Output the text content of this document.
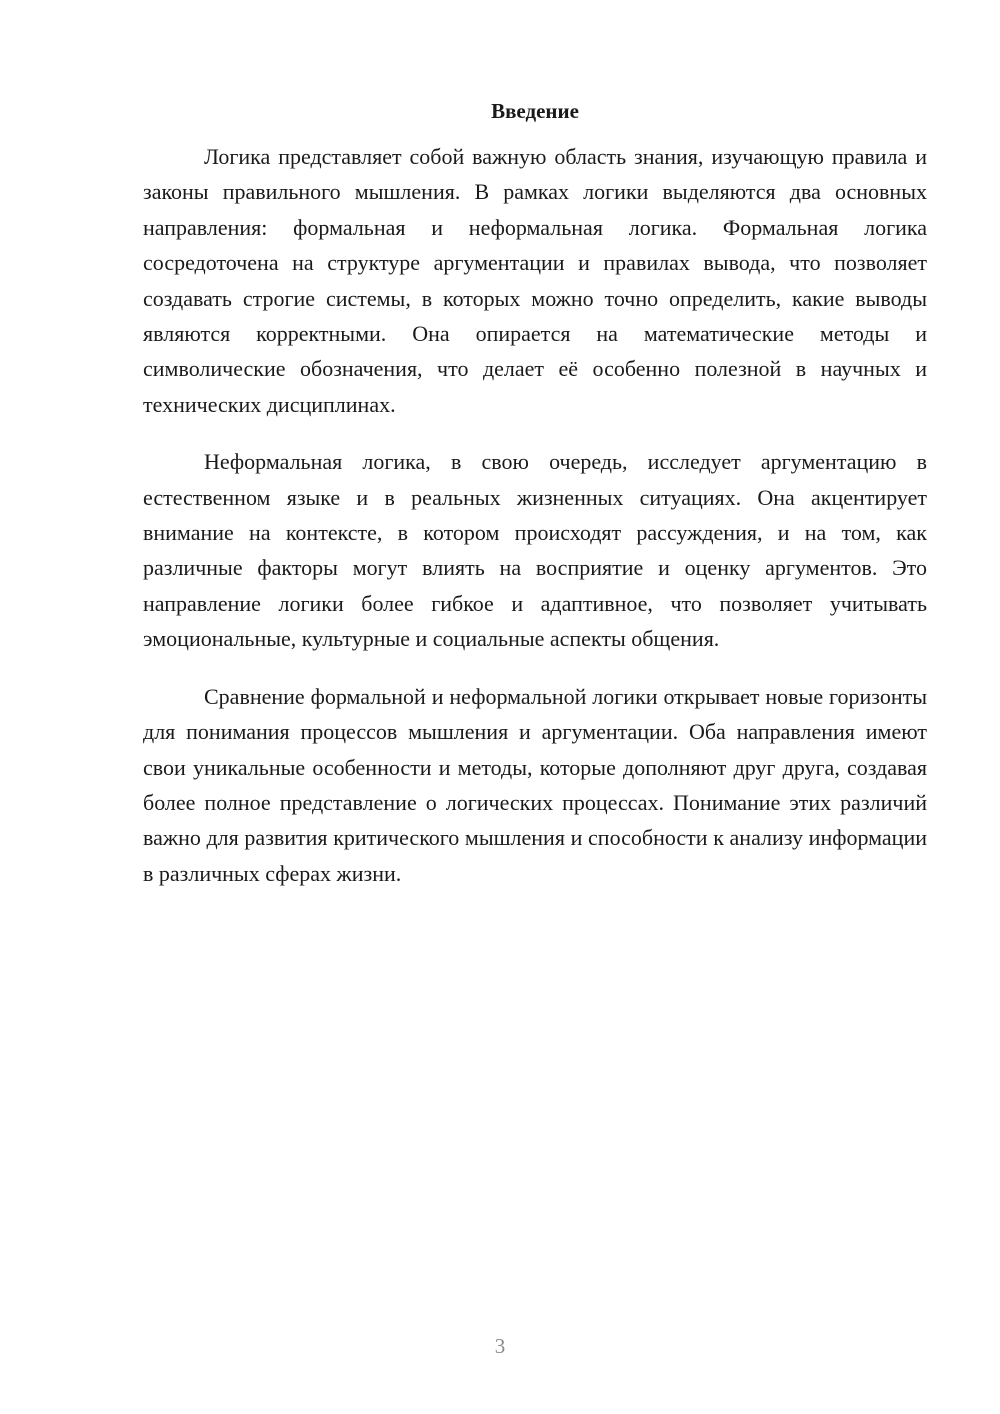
Введение

Логика представляет собой важную область знания, изучающую правила и законы правильного мышления. В рамках логики выделяются два основных направления: формальная и неформальная логика. Формальная логика сосредоточена на структуре аргументации и правилах вывода, что позволяет создавать строгие системы, в которых можно точно определить, какие выводы являются корректными. Она опирается на математические методы и символические обозначения, что делает её особенно полезной в научных и технических дисциплинах.

Неформальная логика, в свою очередь, исследует аргументацию в естественном языке и в реальных жизненных ситуациях. Она акцентирует внимание на контексте, в котором происходят рассуждения, и на том, как различные факторы могут влиять на восприятие и оценку аргументов. Это направление логики более гибкое и адаптивное, что позволяет учитывать эмоциональные, культурные и социальные аспекты общения.

Сравнение формальной и неформальной логики открывает новые горизонты для понимания процессов мышления и аргументации. Оба направления имеют свои уникальные особенности и методы, которые дополняют друг друга, создавая более полное представление о логических процессах. Понимание этих различий важно для развития критического мышления и способности к анализу информации в различных сферах жизни.

3
